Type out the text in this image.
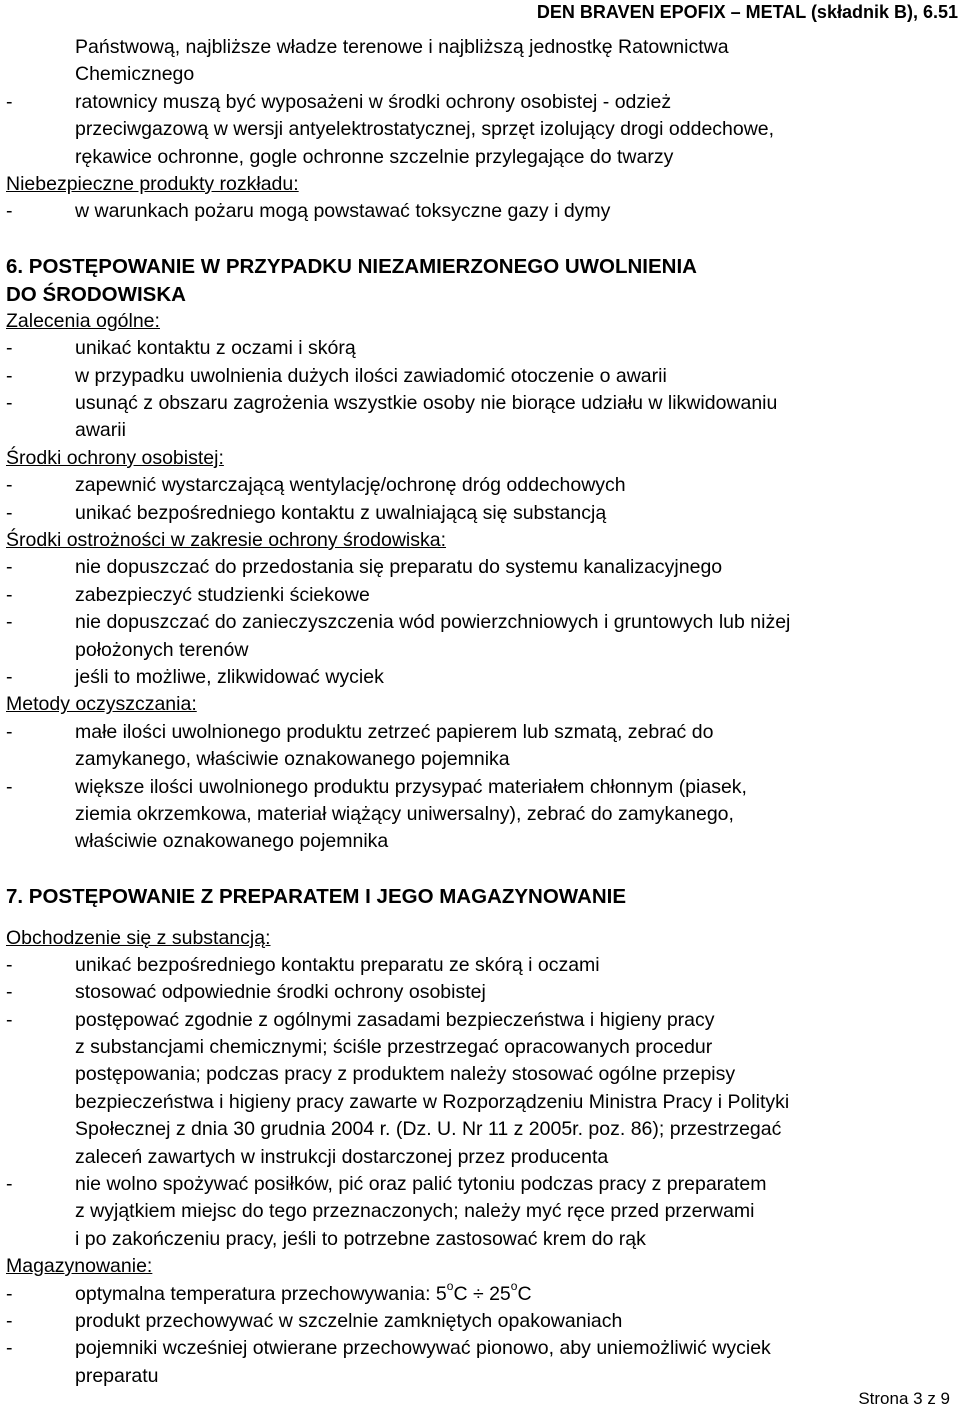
DEN BRAVEN EPOFIX – METAL (składnik B), 6.51
Państwową, najbliższe władze terenowe i najbliższą jednostkę Ratownictwa
Chemicznego
-	ratownicy muszą być wyposażeni w środki ochrony osobistej - odzież
przeciwgazową w wersji antyelektrostatycznej, sprzęt izolujący drogi oddechowe,
rękawice ochronne, gogle ochronne szczelnie przylegające do twarzy
Niebezpieczne produkty rozkładu:
-	w warunkach pożaru mogą powstawać toksyczne gazy i dymy
6. POSTĘPOWANIE W PRZYPADKU NIEZAMIERZONEGO UWOLNIENIA
DO ŚRODOWISKA
Zalecenia ogólne:
-	unikać kontaktu z oczami i skórą
-	w przypadku uwolnienia dużych ilości zawiadomić otoczenie o awarii
-	usunąć z obszaru zagrożenia wszystkie osoby nie biorące udziału w likwidowaniu
awarii
Środki ochrony osobistej:
-	zapewnić wystarczającą wentylację/ochronę dróg oddechowych
-	unikać bezpośredniego kontaktu z uwalniającą się substancją
Środki ostrożności w zakresie ochrony środowiska:
-	nie dopuszczać do przedostania się preparatu do systemu kanalizacyjnego
-	zabezpieczyć studzienki ściekowe
-	nie dopuszczać do zanieczyszczenia wód powierzchniowych i gruntowych lub niżej
położonych terenów
-	jeśli to możliwe, zlikwidować wyciek
Metody oczyszczania:
-	małe ilości uwolnionego produktu zetrzeć papierem lub szmatą, zebrać do
zamykanego, właściwie oznakowanego pojemnika
-	większe ilości uwolnionego produktu przysypać materiałem chłonnym (piasek,
ziemia okrzemkowa, materiał wiążący uniwersalny), zebrać do zamykanego,
właściwie oznakowanego pojemnika
7. POSTĘPOWANIE Z PREPARATEM I JEGO MAGAZYNOWANIE
Obchodzenie się z substancją:
-	unikać bezpośredniego kontaktu preparatu ze skórą i oczami
-	stosować odpowiednie środki ochrony osobistej
-	postępować zgodnie z ogólnymi zasadami bezpieczeństwa i higieny pracy
z substancjami chemicznymi; ściśle przestrzegać opracowanych procedur
postępowania; podczas pracy z produktem należy stosować ogólne przepisy
bezpieczeństwa i higieny pracy zawarte w Rozporządzeniu Ministra Pracy i Polityki
Społecznej z dnia 30 grudnia 2004 r. (Dz. U. Nr 11 z 2005r. poz. 86); przestrzegać
zaleceń zawartych w instrukcji dostarczonej przez producenta
-	nie wolno spożywać posiłków, pić oraz palić tytoniu podczas pracy z preparatem
z wyjątkiem miejsc do tego przeznaczonych; należy myć ręce przed przerwami
i po zakończeniu pracy, jeśli to potrzebne zastosować krem do rąk
Magazynowanie:
-	optymalna temperatura przechowywania: $5^oC \div 25^oC$
-	produkt przechowywać w szczelnie zamkniętych opakowaniach
-	pojemniki wcześniej otwierane przechowywać pionowo, aby uniemożliwić wyciek
preparatu
Strona 3 z 9
